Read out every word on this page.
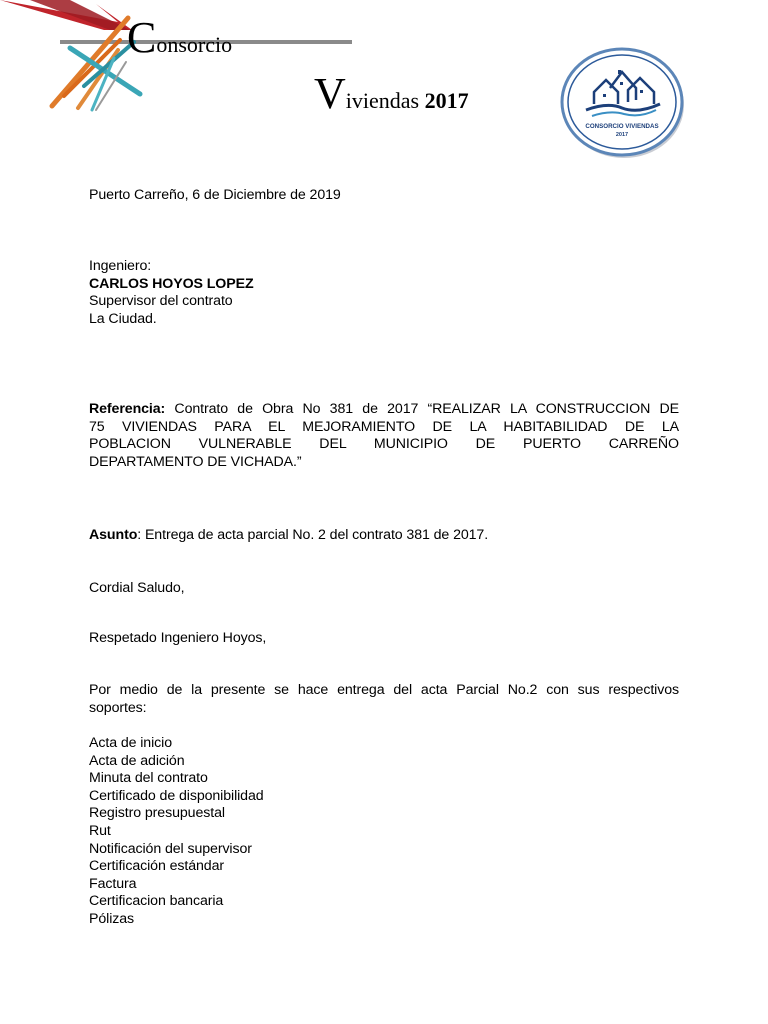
Consorcio
Viviendas 2017
CONSORCIO VIVIENDAS
2017
Puerto Carreño, 6 de Diciembre de 2019
Ingeniero:
CARLOS HOYOS LOPEZ
Supervisor del contrato
La Ciudad.
Referencia: Contrato de Obra No 381 de 2017 “REALIZAR LA CONSTRUCCION DE
75 VIVIENDAS PARA EL MEJORAMIENTO DE LA HABITABILIDAD DE LA
POBLACION VULNERABLE DEL MUNICIPIO DE PUERTO CARREÑO
DEPARTAMENTO DE VICHADA.”
Asunto: Entrega de acta parcial No. 2 del contrato 381 de 2017.
Cordial Saludo,
Respetado Ingeniero Hoyos,
Por medio de la presente se hace entrega del acta Parcial No.2 con sus respectivos
soportes:
Acta de inicio
Acta de adición
Minuta del contrato
Certificado de disponibilidad
Registro presupuestal
Rut
Notificación del supervisor
Certificación estándar
Factura
Certificacion bancaria
Pólizas
